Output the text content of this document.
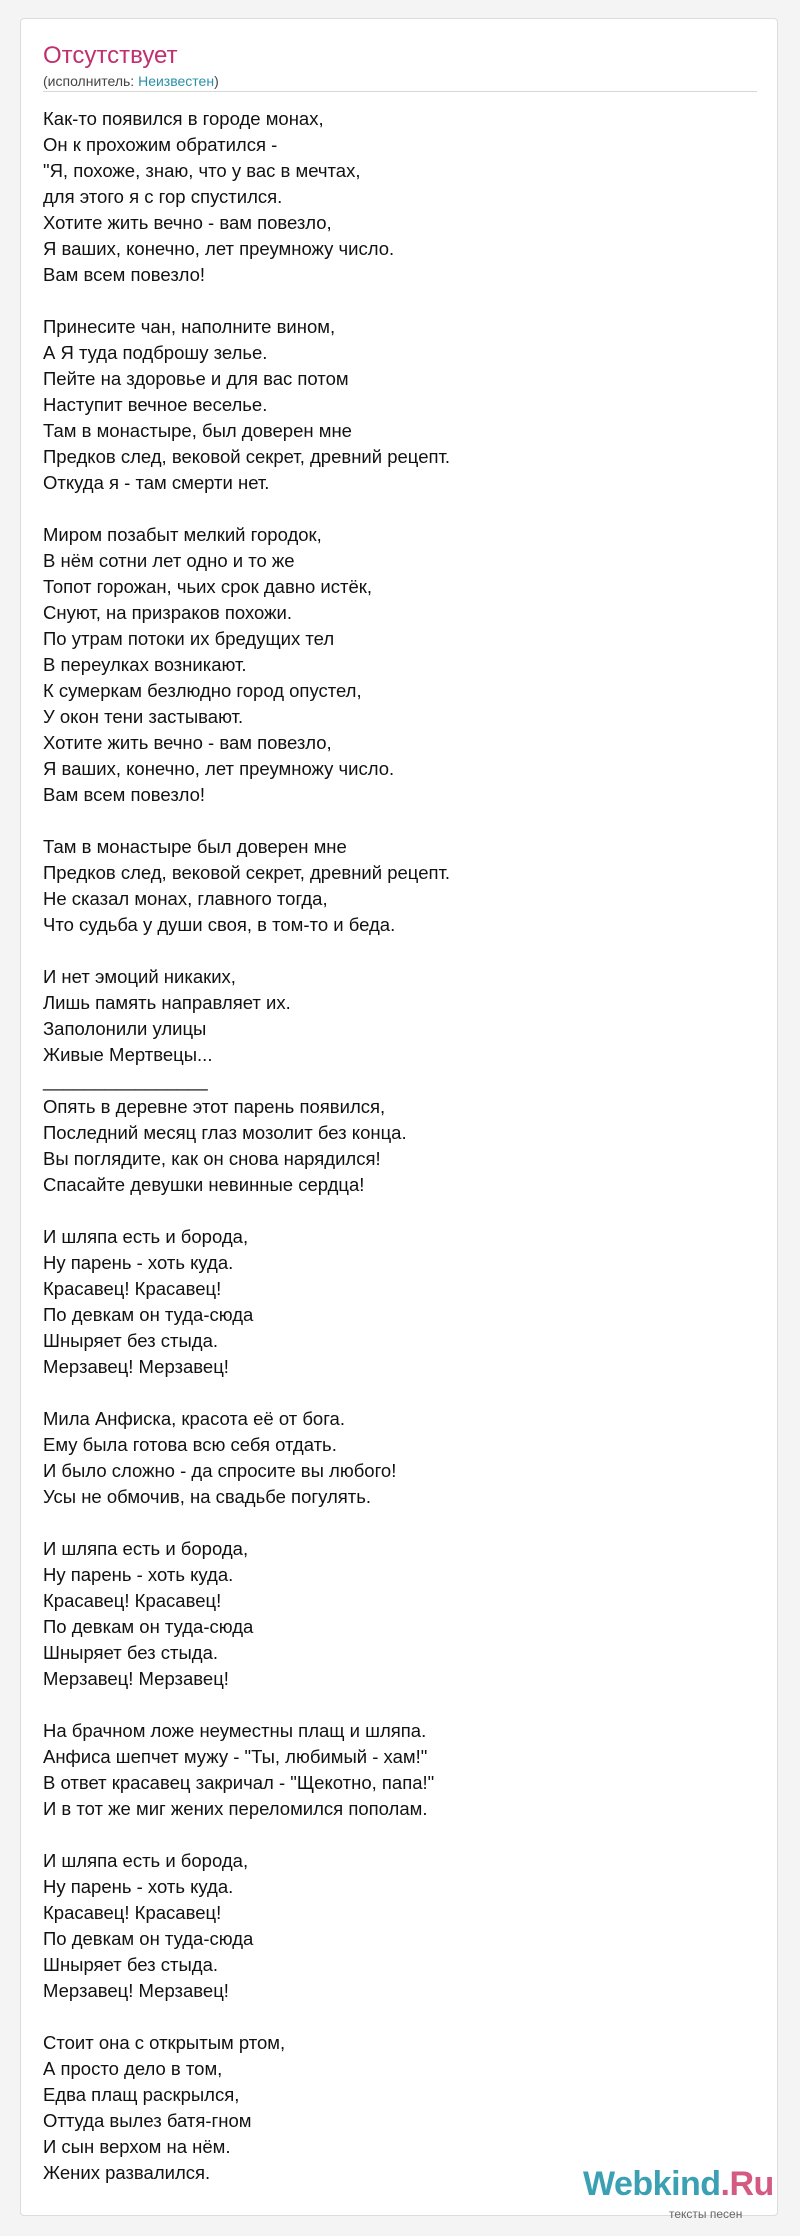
Отсутствует
(исполнитель: Неизвестен)
Как-то появился в городе монах,
Он к прохожим обратился -
"Я, похоже, знаю, что у вас в мечтах,
для этого я с гор спустился.
Хотите жить вечно - вам повезло,
Я ваших, конечно, лет преумножу число.
Вам всем повезло!
Принесите чан, наполните вином,
А Я туда подброшу зелье.
Пейте на здоровье и для вас потом
Наступит вечное веселье.
Там в монастыре, был доверен мне
Предков след, вековой секрет, древний рецепт.
Откуда я - там смерти нет.
Миром позабыт мелкий городок,
В нём сотни лет одно и то же
Топот горожан, чьих срок давно истёк,
Снуют, на призраков похожи.
По утрам потоки их бредущих тел
В переулках возникают.
К сумеркам безлюдно город опустел,
У окон тени застывают.
Хотите жить вечно - вам повезло,
Я ваших, конечно, лет преумножу число.
Вам всем повезло!
Там в монастыре был доверен мне
Предков след, вековой секрет, древний рецепт.
Не сказал монах, главного тогда,
Что судьба у души своя, в том-то и беда.
И нет эмоций никаких,
Лишь память направляет их.
Заполонили улицы
Живые Мертвецы...
________________
Опять в деревне этот парень появился,
Последний месяц глаз мозолит без конца.
Вы поглядите, как он снова нарядился!
Спасайте девушки невинные сердца!
И шляпа есть и борода,
Ну парень - хоть куда.
Красавец! Красавец!
По девкам он туда-сюда
Шныряет без стыда.
Мерзавец! Мерзавец!
Мила Анфиска, красота её от бога.
Ему была готова всю себя отдать.
И было сложно - да спросите вы любого!
Усы не обмочив, на свадьбе погулять.
И шляпа есть и борода,
Ну парень - хоть куда.
Красавец! Красавец!
По девкам он туда-сюда
Шныряет без стыда.
Мерзавец! Мерзавец!
На брачном ложе неуместны плащ и шляпа.
Анфиса шепчет мужу - "Ты, любимый - хам!"
В ответ красавец закричал - "Щекотно, папа!"
И в тот же миг жених переломился пополам.
И шляпа есть и борода,
Ну парень - хоть куда.
Красавец! Красавец!
По девкам он туда-сюда
Шныряет без стыда.
Мерзавец! Мерзавец!
Стоит она с открытым ртом,
А просто дело в том,
Едва плащ раскрылся,
Оттуда вылез батя-гном
И сын верхом на нём.
Жених развалился.	Webkind.Ru
тексты песен
